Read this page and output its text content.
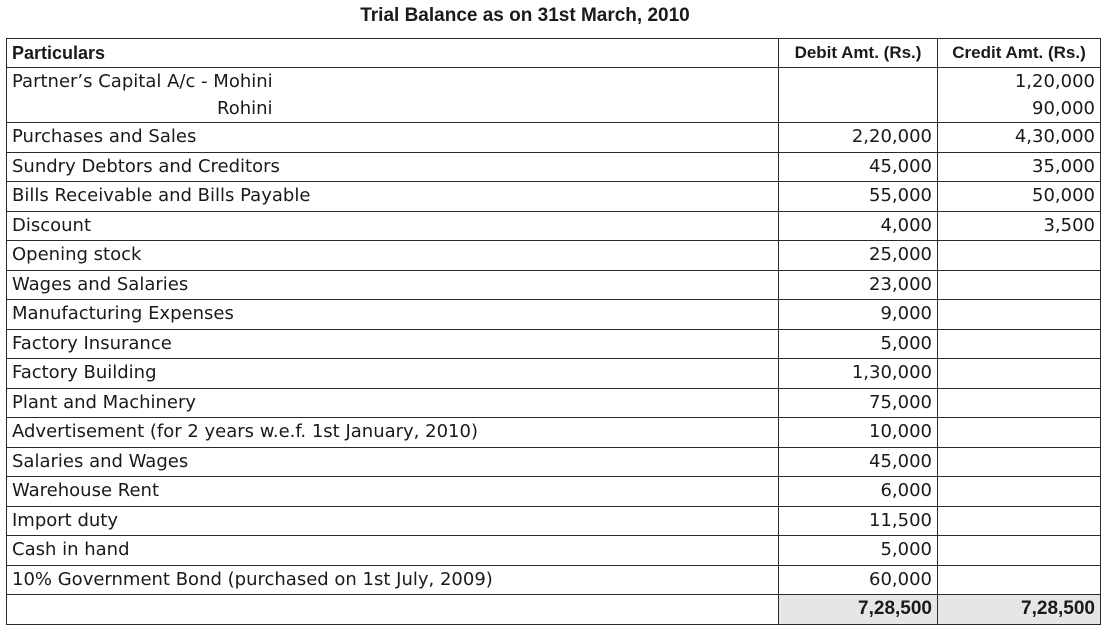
Trial Balance as on 31st March, 2010
Particulars	Debit Amt. (Rs.)	Credit Amt. (Rs.)
Partner’s Capital A/c - Mohini		1,20,000
Rohini		90,000
Purchases and Sales	2,20,000	4,30,000
Sundry Debtors and Creditors	45,000	35,000
Bills Receivable and Bills Payable	55,000	50,000
Discount	4,000	3,500
Opening stock	25,000	
Wages and Salaries	23,000	
Manufacturing Expenses	9,000	
Factory Insurance	5,000	
Factory Building	1,30,000	
Plant and Machinery	75,000	
Advertisement (for 2 years w.e.f. 1st January, 2010)	10,000	
Salaries and Wages	45,000	
Warehouse Rent	6,000	
Import duty	11,500	
Cash in hand	5,000	
10% Government Bond (purchased on 1st July, 2009)	60,000	
	7,28,500	7,28,500
